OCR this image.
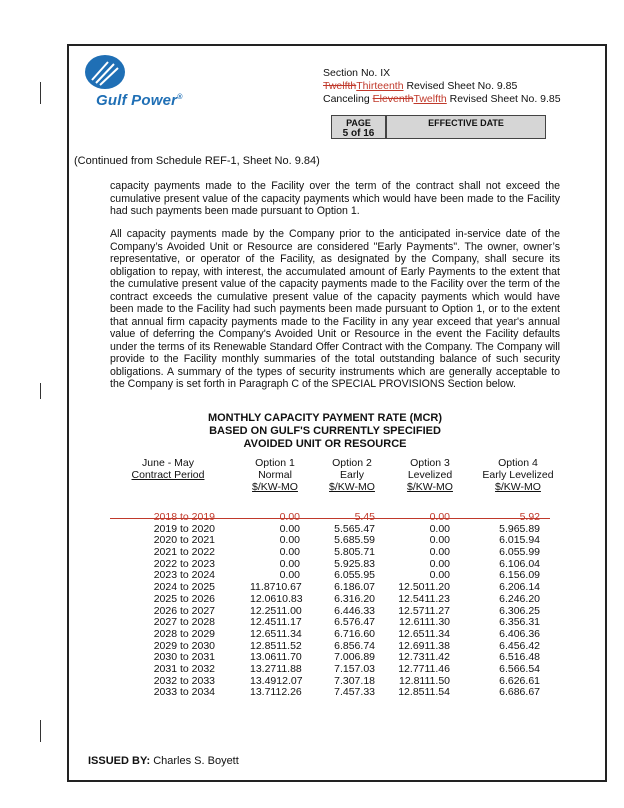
Gulf Power®
Section No. IX
TwelfthThirteenth Revised Sheet No. 9.85
Canceling EleventhTwelfth Revised Sheet No. 9.85
PAGE
5 of 16
EFFECTIVE DATE
(Continued from Schedule REF-1, Sheet No. 9.84)
capacity payments made to the Facility over the term of the contract shall not exceed the cumulative present value of the capacity payments which would have been made to the Facility had such payments been made pursuant to Option 1.
All capacity payments made by the Company prior to the anticipated in-service date of the Company’s Avoided Unit or Resource are considered "Early Payments". The owner, owner’s representative, or operator of the Facility, as designated by the Company, shall secure its obligation to repay, with interest, the accumulated amount of Early Payments to the extent that the cumulative present value of the capacity payments made to the Facility over the term of the contract exceeds the cumulative present value of the capacity payments which would have been made to the Facility had such payments been made pursuant to Option 1, or to the extent that annual firm capacity payments made to the Facility in any year exceed that year's annual value of deferring the Company's Avoided Unit or Resource in the event the Facility defaults under the terms of its Renewable Standard Offer Contract with the Company. The Company will provide to the Facility monthly summaries of the total outstanding balance of such security obligations. A summary of the types of security instruments which are generally acceptable to the Company is set forth in Paragraph C of the SPECIAL PROVISIONS Section below.
MONTHLY CAPACITY PAYMENT RATE (MCR)
BASED ON GULF'S CURRENTLY SPECIFIED
AVOIDED UNIT OR RESOURCE
June - May
Contract Period
Option 1
Normal
$/KW-MO
Option 2
Early
$/KW-MO
Option 3
Levelized
$/KW-MO
Option 4
Early Levelized
$/KW-MO
2018 to 2019	0.00	5.45	0.00	5.92
2019 to 2020	0.00	5.565.47	0.00	5.965.89
2020 to 2021	0.00	5.685.59	0.00	6.015.94
2021 to 2022	0.00	5.805.71	0.00	6.055.99
2022 to 2023	0.00	5.925.83	0.00	6.106.04
2023 to 2024	0.00	6.055.95	0.00	6.156.09
2024 to 2025	11.8710.67	6.186.07	12.5011.20	6.206.14
2025 to 2026	12.0610.83	6.316.20	12.5411.23	6.246.20
2026 to 2027	12.2511.00	6.446.33	12.5711.27	6.306.25
2027 to 2028	12.4511.17	6.576.47	12.6111.30	6.356.31
2028 to 2029	12.6511.34	6.716.60	12.6511.34	6.406.36
2029 to 2030	12.8511.52	6.856.74	12.6911.38	6.456.42
2030 to 2031	13.0611.70	7.006.89	12.7311.42	6.516.48
2031 to 2032	13.2711.88	7.157.03	12.7711.46	6.566.54
2032 to 2033	13.4912.07	7.307.18	12.8111.50	6.626.61
2033 to 2034	13.7112.26	7.457.33	12.8511.54	6.686.67
ISSUED BY: Charles S. Boyett
